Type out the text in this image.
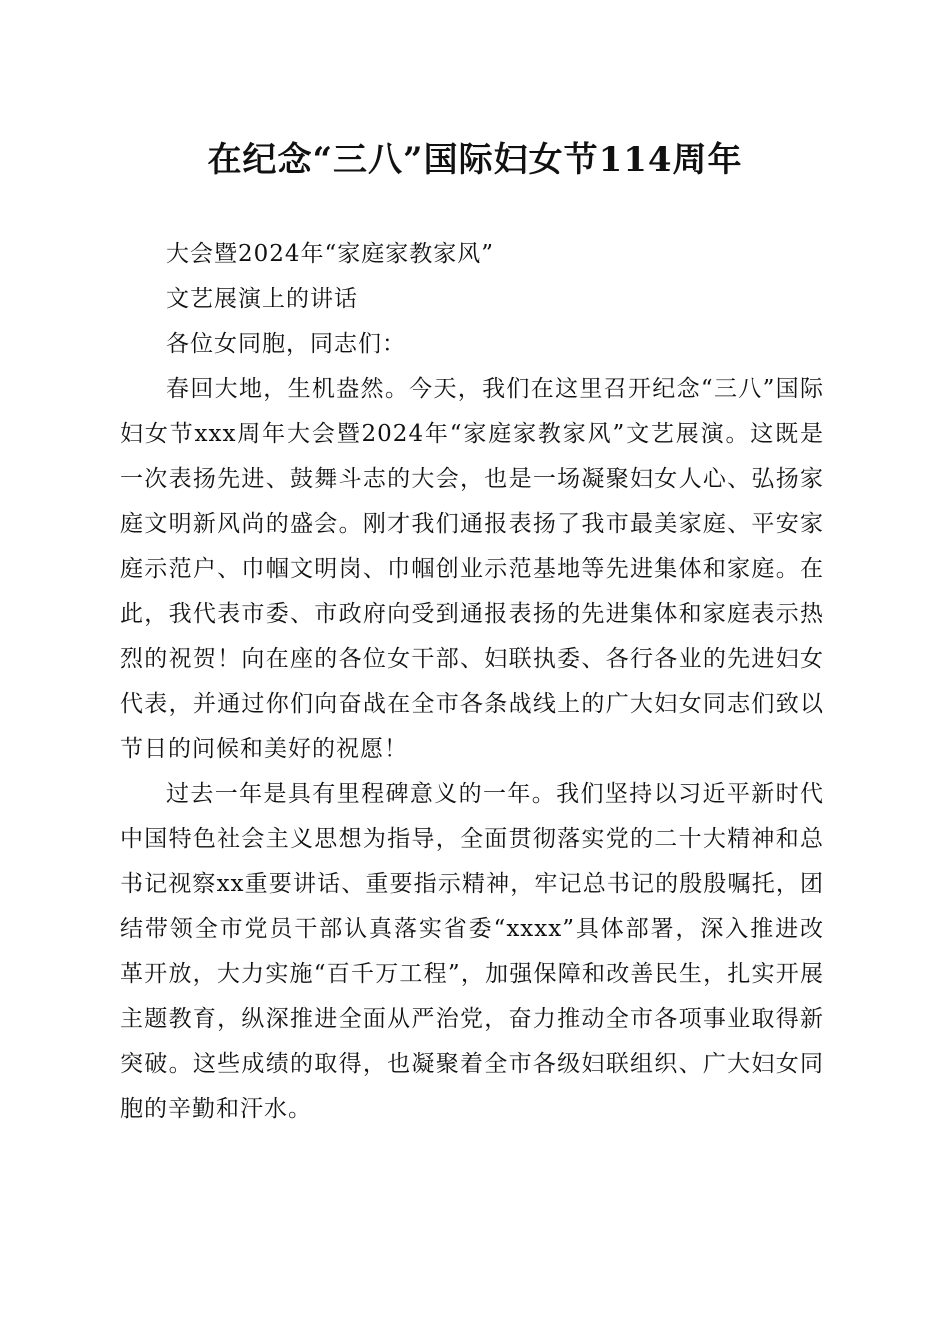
在纪念“三八”国际妇女节114周年

大会暨2024年“家庭家教家风”

文艺展演上的讲话

各位女同胞，同志们：

春回大地，生机盎然。今天，我们在这里召开纪念“三八”国际妇女节xxx周年大会暨2024年“家庭家教家风”文艺展演。这既是一次表扬先进、鼓舞斗志的大会，也是一场凝聚妇女人心、弘扬家庭文明新风尚的盛会。刚才我们通报表扬了我市最美家庭、平安家庭示范户、巾帼文明岗、巾帼创业示范基地等先进集体和家庭。在此，我代表市委、市政府向受到通报表扬的先进集体和家庭表示热烈的祝贺！向在座的各位女干部、妇联执委、各行各业的先进妇女代表，并通过你们向奋战在全市各条战线上的广大妇女同志们致以节日的问候和美好的祝愿！

过去一年是具有里程碑意义的一年。我们坚持以习近平新时代中国特色社会主义思想为指导，全面贯彻落实党的二十大精神和总书记视察xx重要讲话、重要指示精神，牢记总书记的殷殷嘱托，团结带领全市党员干部认真落实省委“xxxx”具体部署，深入推进改革开放，大力实施“百千万工程”，加强保障和改善民生，扎实开展主题教育，纵深推进全面从严治党，奋力推动全市各项事业取得新突破。这些成绩的取得，也凝聚着全市各级妇联组织、广大妇女同胞的辛勤和汗水。
